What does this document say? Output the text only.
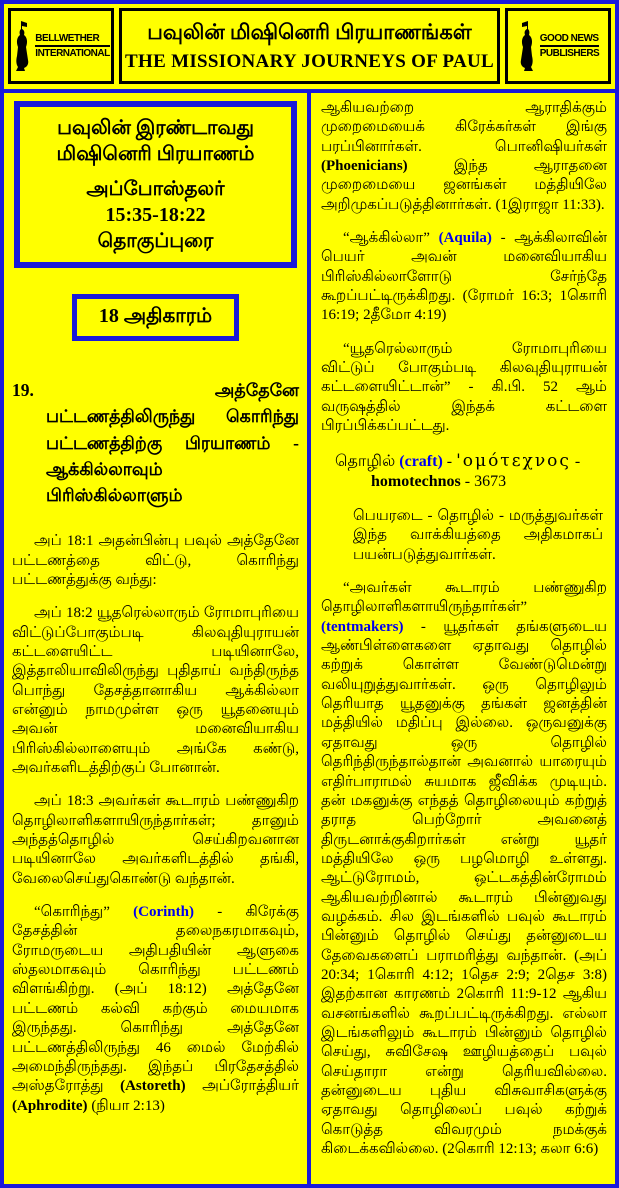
BELLWETHER
INTERNATIONAL
பவுலின் மிஷினெரி பிரயாணங்கள்
THE MISSIONARY JOURNEYS OF PAUL
GOOD NEWS
PUBLISHERS
பவுலின் இரண்டாவது
மிஷினெரி பிரயாணம்
அப்போஸ்தலர்
15:35-18:22
தொகுப்புரை
18 அதிகாரம்
19.	அத்தேனே
பட்டணத்திலிருந்து கொரிந்து பட்டணத்திற்கு பிரயாணம் - ஆக்கில்லாவும் பிரிஸ்கில்லாளும்
அப் 18:1 அதன்பின்பு பவுல் அத்தேனே பட்டணத்தை விட்டு, கொரிந்து பட்டணத்துக்கு வந்து:
அப் 18:2 யூதரெல்லாரும் ரோமாபுரியை விட்டுப்போகும்படி கிலவுதியுராயன் கட்டளையிட்ட படியினாலே, இத்தாலியாவிலிருந்து புதிதாய் வந்திருந்த பொந்து தேசத்தானாகிய ஆக்கில்லா என்னும் நாமமுள்ள ஒரு யூதனையும் அவன் மனைவியாகிய பிரிஸ்கில்லாளையும் அங்கே கண்டு, அவர்களிடத்திற்குப் போனான்.
அப் 18:3 அவர்கள் கூடாரம் பண்ணுகிற தொழிலாளிகளாயிருந்தார்கள்; தானும் அந்தத்தொழில் செய்கிறவனான படியினாலே அவர்களிடத்தில் தங்கி, வேலைசெய்துகொண்டு வந்தான்.
“கொரிந்து” (Corinth) - கிரேக்கு தேசத்தின் தலைநகரமாகவும், ரோமருடைய அதிபதியின் ஆளுகை ஸ்தலமாகவும் கொரிந்து பட்டணம் விளங்கிற்று. (அப் 18:12) அத்தேனே பட்டணம் கல்வி கற்கும் மையமாக இருந்தது. கொரிந்து அத்தேனே பட்டணத்திலிருந்து 46 மைல் மேற்கில் அமைந்திருந்தது. இந்தப் பிரதேசத்தில் அஸ்தரோத்து (Astoreth) அப்ரோத்தியர் (Aphrodite) (நியா 2:13)
ஆகியவற்றை ஆராதிக்கும் முறைமையைக் கிரேக்கர்கள் இங்கு பரப்பினார்கள். பொனிஷியர்கள் (Phoenicians) இந்த ஆராதனை முறைமையை ஜனங்கள் மத்தியிலே அறிமுகப்படுத்தினார்கள். (1இராஜா 11:33).
“ஆக்கில்லா” (Aquila) - ஆக்கிலாவின் பெயர் அவன் மனைவியாகிய பிரிஸ்கில்லாளோடு சேர்ந்தே கூறப்பட்டிருக்கிறது. (ரோமர் 16:3; 1கொரி 16:19; 2தீமோ 4:19)
“யூதரெல்லாரும் ரோமாபுரியை விட்டுப் போகும்படி கிலவுதியுராயன் கட்டளையிட்டான்” - கி.பி. 52 ஆம் வருஷத்தில் இந்தக் கட்டளை பிரப்பிக்கப்பட்டது.
தொழில் (craft) - 'ομότεχνος -
homotechnos - 3673
பெயரடை - தொழில் - மருத்துவர்கள் இந்த வாக்கியத்தை அதிகமாகப் பயன்படுத்துவார்கள்.
“அவர்கள் கூடாரம் பண்ணுகிற தொழிலாளிகளாயிருந்தார்கள்” (tentmakers) - யூதர்கள் தங்களுடைய ஆண்பிள்ளைகளை ஏதாவது தொழில் கற்றுக் கொள்ள வேண்டுமென்று வலியுறுத்துவார்கள். ஒரு தொழிலும் தெரியாத யூதனுக்கு தங்கள் ஜனத்தின் மத்தியில் மதிப்பு இல்லை. ஒருவனுக்கு ஏதாவது ஒரு தொழில் தெரிந்திருந்தால்தான் அவனால் யாரையும் எதிர்பாராமல் சுயமாக ஜீவிக்க முடியும். தன் மகனுக்கு எந்தத் தொழிலையும் கற்றுத் தராத பெற்றோர் அவனைத் திருடனாக்குகிறார்கள் என்று யூதர் மத்தியிலே ஒரு பழமொழி உள்ளது. ஆட்டுரோமம், ஒட்டகத்தின்ரோமம் ஆகியவற்றினால் கூடாரம் பின்னுவது வழக்கம். சில இடங்களில் பவுல் கூடாரம் பின்னும் தொழில் செய்து தன்னுடைய தேவைகளைப் பராமரித்து வந்தான். (அப் 20:34; 1கொரி 4:12; 1தெச 2:9; 2தெச 3:8) இதற்கான காரணம் 2கொரி 11:9-12 ஆகிய வசனங்களில் கூறப்பட்டிருக்கிறது. எல்லா இடங்களிலும் கூடாரம் பின்னும் தொழில் செய்து, சுவிசேஷ ஊழியத்தைப் பவுல் செய்தாரா என்று தெரியவில்லை. தன்னுடைய புதிய விசுவாசிகளுக்கு ஏதாவது தொழிலைப் பவுல் கற்றுக் கொடுத்த விவரமும் நமக்குக் கிடைக்கவில்லை. (2கொரி 12:13; கலா 6:6)
